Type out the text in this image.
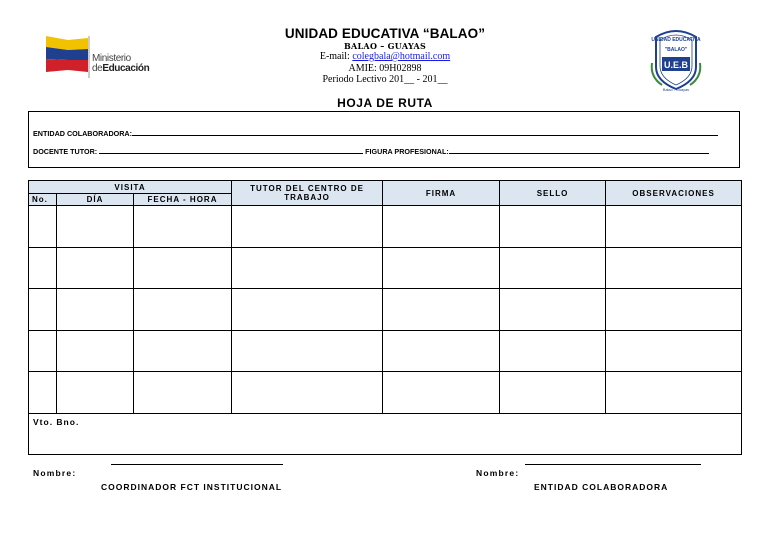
Ministerio
deEducación
UNIDAD EDUCATIVA “BALAO”
BALAO – GUAYAS
E-mail: colegbala@hotmail.com
AMIE: 09H02898
Periodo Lectivo 201__ - 201__
HOJA DE RUTA
U.E.B
UNIDAD EDUCATIVA
"BALAO"
Balao - Guayas
ENTIDAD COLABORADORA:
DOCENTE TUTOR:	FIGURA PROFESIONAL:
VISITA			TUTOR DEL CENTRO DE TRABAJO	FIRMA	SELLO	OBSERVACIONES
No.	DÍA	FECHA - HORA				

Vto. Bno.
Nombre:
COORDINADOR FCT INSTITUCIONAL
Nombre:
ENTIDAD COLABORADORA						
